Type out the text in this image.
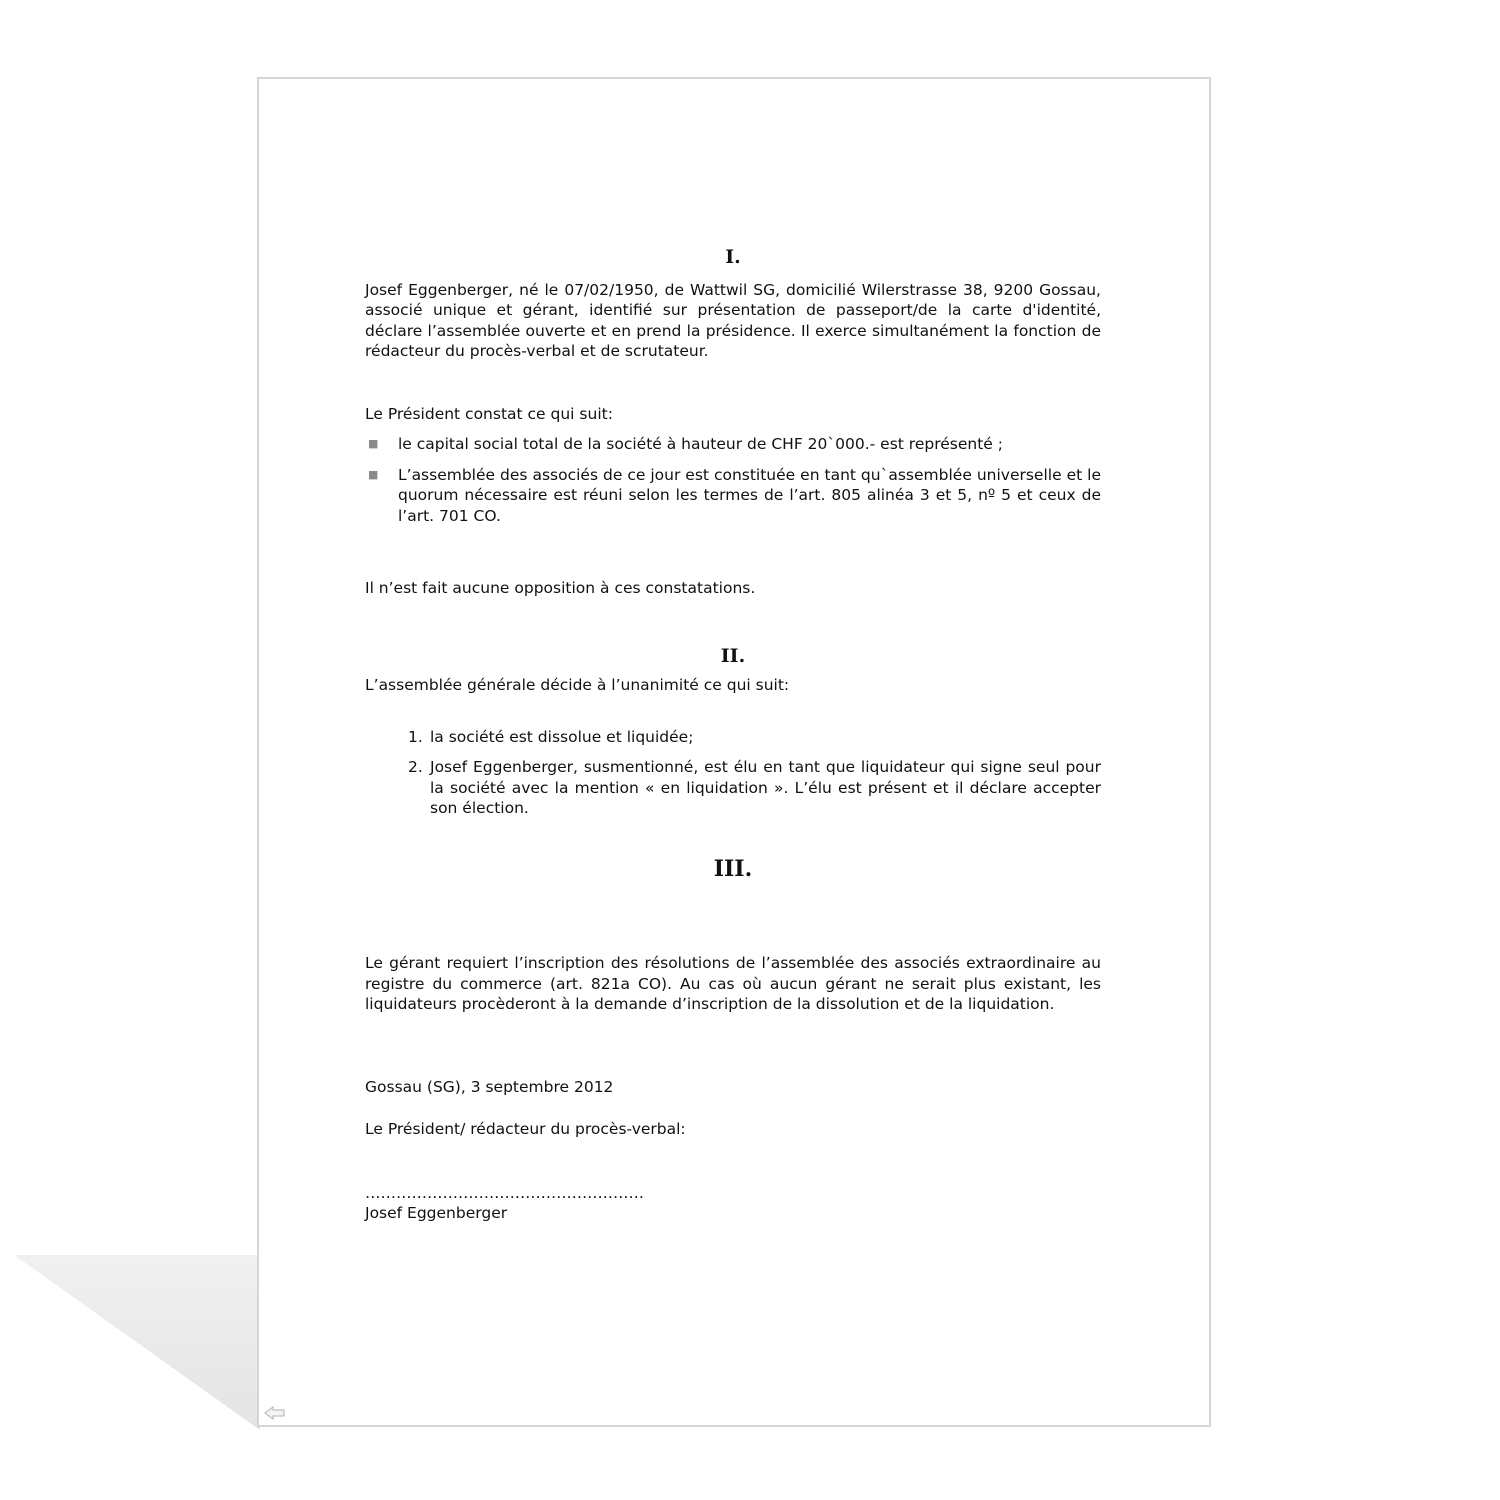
I.

Josef Eggenberger, né le 07/02/1950, de Wattwil SG, domicilié Wilerstrasse 38, 9200 Gossau, associé unique et gérant, identifié sur présentation de passeport/de la carte d'identité, déclare l’assemblée ouverte et en prend la présidence. Il exerce simultanément la fonction de rédacteur du procès-verbal et de scrutateur.

Le Président constat ce qui suit:

■ le capital social total de la société à hauteur de CHF 20`000.- est représenté ;
■ L’assemblée des associés de ce jour est constituée en tant qu`assemblée universelle et le quorum nécessaire est réuni selon les termes de l’art. 805 alinéa 3 et 5, nº 5 et ceux de l’art. 701 CO.

Il n’est fait aucune opposition à ces constatations.

II.

L’assemblée générale décide à l’unanimité ce qui suit:

1. la société est dissolue et liquidée;
2. Josef Eggenberger, susmentionné, est élu en tant que liquidateur qui signe seul pour la société avec la mention « en liquidation ». L’élu est présent et il déclare accepter son élection.
III.

Le gérant requiert l’inscription des résolutions de l’assemblée des associés extraordinaire au registre du commerce (art. 821a CO). Au cas où aucun gérant ne serait plus existant, les liquidateurs procèderont à la demande d’inscription de la dissolution et de la liquidation.

Gossau (SG), 3 septembre 2012

Le Président/ rédacteur du procès-verbal:

………………………………………………

Josef Eggenberger
